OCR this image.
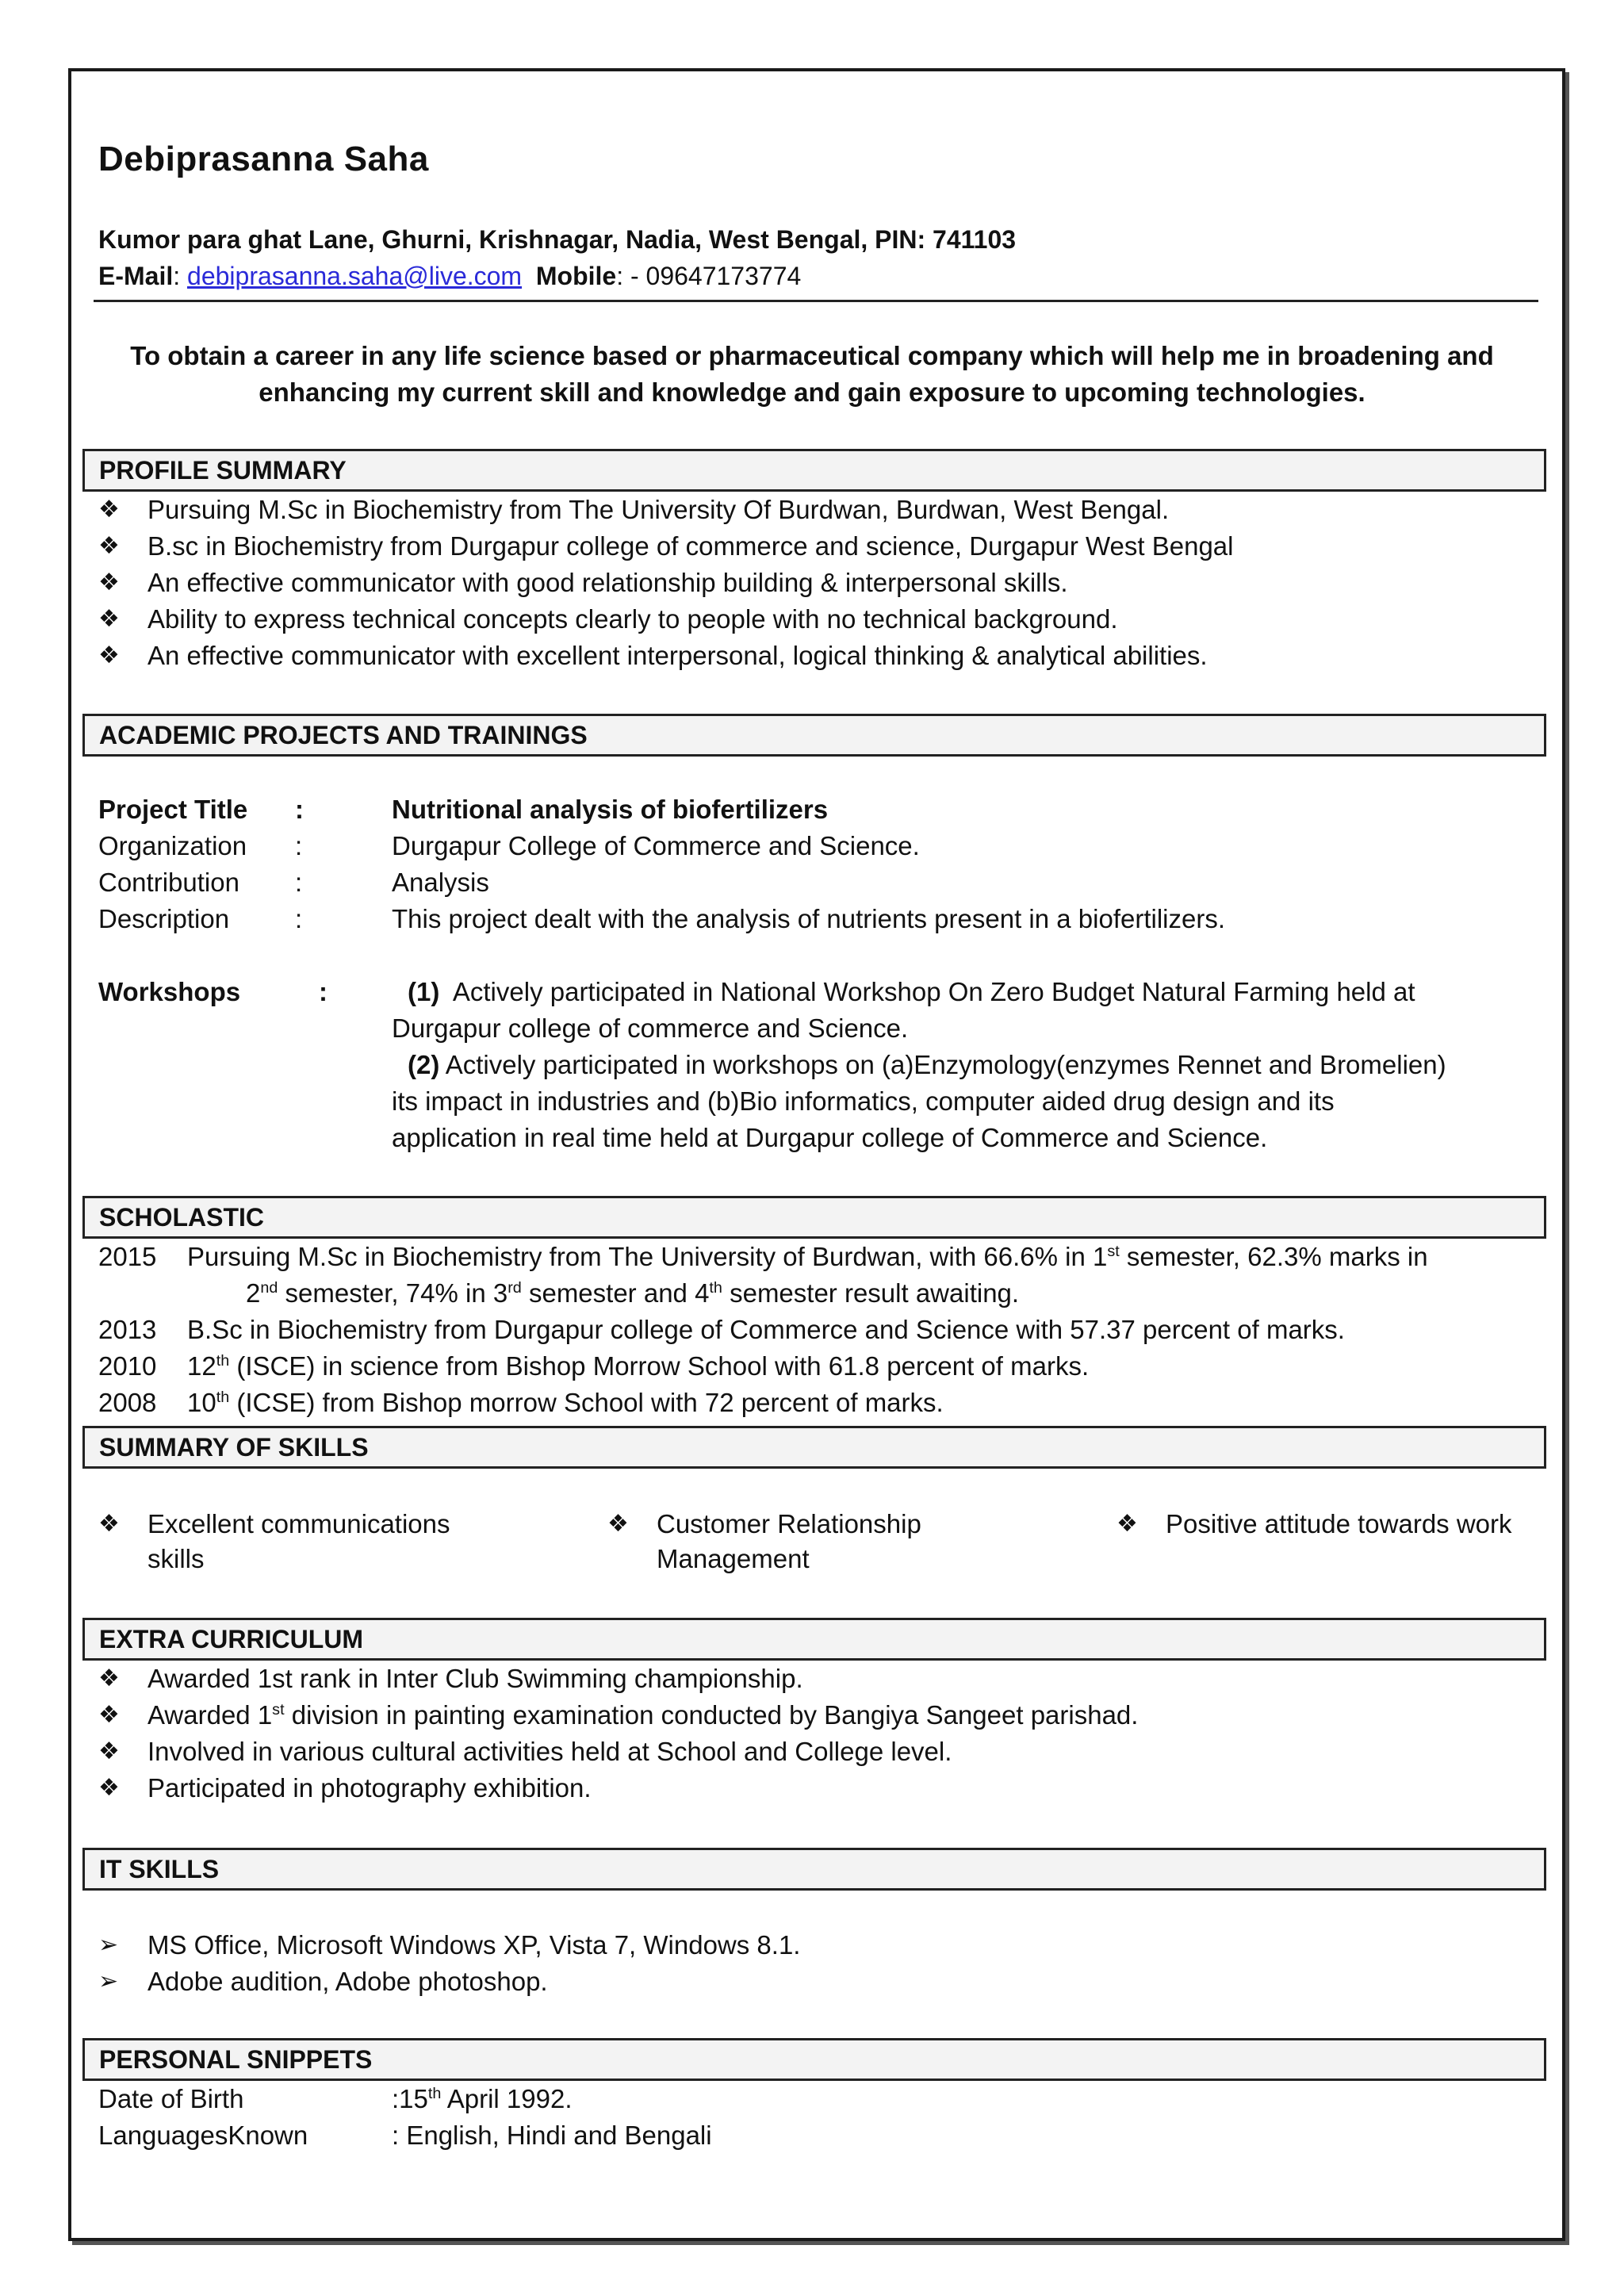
Debiprasanna Saha
Kumor para ghat Lane, Ghurni, Krishnagar, Nadia, West Bengal, PIN: 741103
E-Mail: debiprasanna.saha@live.com Mobile: - 09647173774
To obtain a career in any life science based or pharmaceutical company which will help me in broadening and enhancing my current skill and knowledge and gain exposure to upcoming technologies.
PROFILE SUMMARY
❖	Pursuing M.Sc in Biochemistry from The University Of Burdwan, Burdwan, West Bengal.
❖	B.sc in Biochemistry from Durgapur college of commerce and science, Durgapur West Bengal
❖	An effective communicator with good relationship building & interpersonal skills.
❖	Ability to express technical concepts clearly to people with no technical background.
❖	An effective communicator with excellent interpersonal, logical thinking & analytical abilities.
ACADEMIC PROJECTS AND TRAININGS
Project Title :	Nutritional analysis of biofertilizers
Organization :	Durgapur College of Commerce and Science.
Contribution :	Analysis
Description	:	This project dealt with the analysis of nutrients present in a biofertilizers.
Workshops	:	(1) Actively participated in National Workshop On Zero Budget Natural Farming held at
Durgapur college of commerce and Science.
(2) Actively participated in workshops on (a)Enzymology(enzymes Rennet and Bromelien)
its impact in industries and (b)Bio informatics, computer aided drug design and its
application in real time held at Durgapur college of Commerce and Science.
SCHOLASTIC
2015 Pursuing M.Sc in Biochemistry from The University of Burdwan, with 66.6% in 1st semester, 62.3% marks in
2nd semester, 74% in 3rd semester and 4th semester result awaiting.
2013 B.Sc in Biochemistry from Durgapur college of Commerce and Science with 57.37 percent of marks.
2010 12th (ISCE) in science from Bishop Morrow School with 61.8 percent of marks.
2008 10th (ICSE) from Bishop morrow School with 72 percent of marks.
SUMMARY OF SKILLS
❖ Excellent communications skills
❖ Customer Relationship Management
❖ Positive attitude towards work
EXTRA CURRICULUM
❖	Awarded 1st rank in Inter Club Swimming championship.
❖	Awarded 1st division in painting examination conducted by Bangiya Sangeet parishad.
❖	Involved in various cultural activities held at School and College level.
❖	Participated in photography exhibition.
IT SKILLS
➢	MS Office, Microsoft Windows XP, Vista 7, Windows 8.1.
➢	Adobe audition, Adobe photoshop.
PERSONAL SNIPPETS
Date of Birth	:15th April 1992.
LanguagesKnown	: English, Hindi and Bengali
